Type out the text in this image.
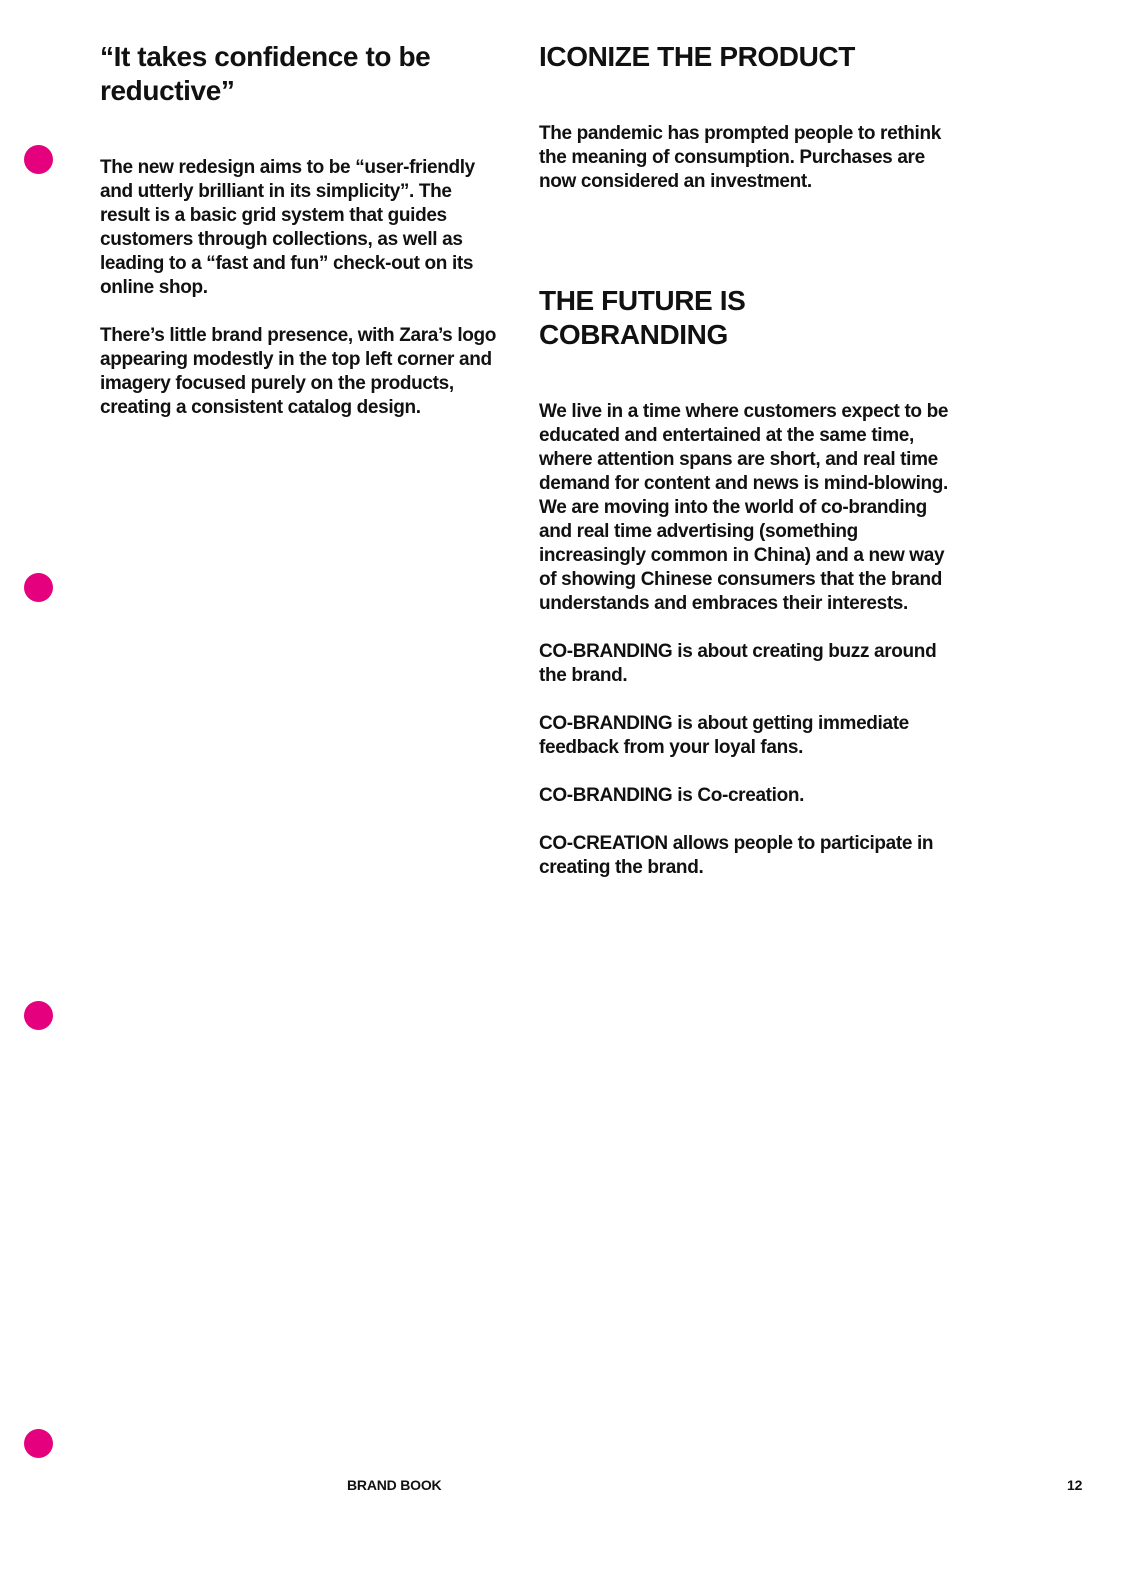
“It takes confidence to be reductive”

The new redesign aims to be “user-friendly and utterly brilliant in its simplicity”. The result is a basic grid system that guides customers through collections, as well as leading to a “fast and fun” check-out on its online shop.

There’s little brand presence, with Zara’s logo appearing modestly in the top left corner and imagery focused purely on the products, creating a consistent catalog design.

ICONIZE THE PRODUCT

The pandemic has prompted people to rethink the meaning of consumption. Purchases are now considered an investment.

THE FUTURE IS COBRANDING

We live in a time where customers expect to be educated and entertained at the same time, where attention spans are short, and real time demand for content and news is mind-blowing. We are moving into the world of co-branding and real time advertising (something increasingly common in China) and a new way of showing Chinese consumers that the brand understands and embraces their interests.

CO-BRANDING is about creating buzz around the brand.

CO-BRANDING is about getting immediate feedback from your loyal fans.

CO-BRANDING is Co-creation.

CO-CREATION allows people to participate in creating the brand.

BRAND BOOK	12
